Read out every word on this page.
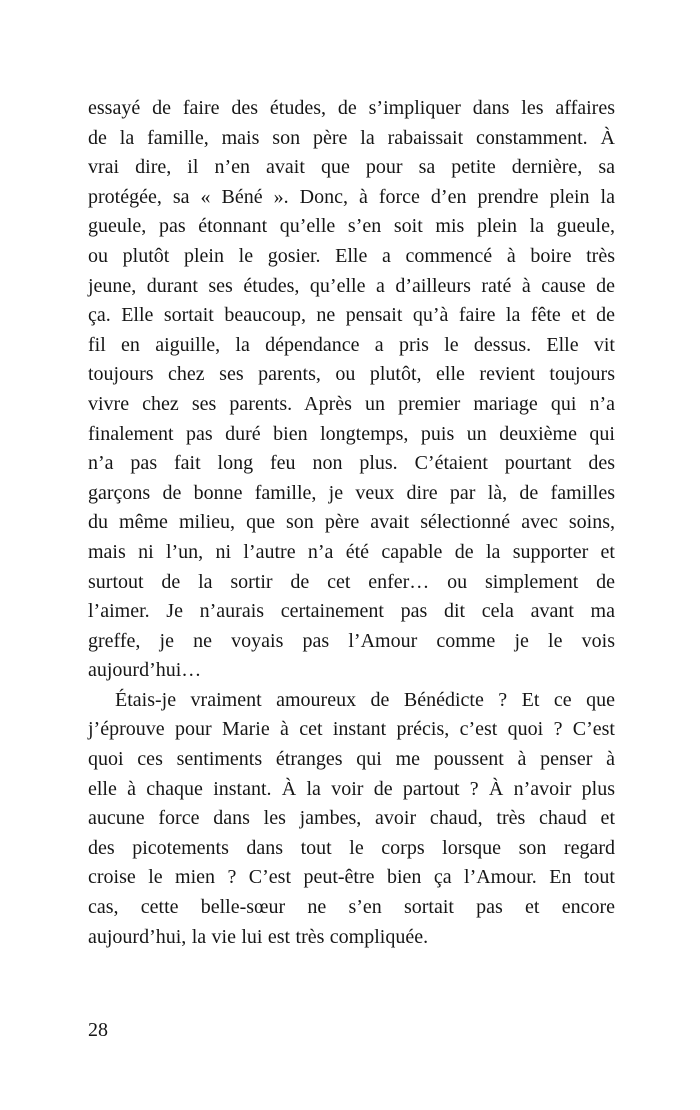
essayé de faire des études, de s’impliquer dans les affaires
de la famille, mais son père la rabaissait constamment. À
vrai dire, il n’en avait que pour sa petite dernière, sa
protégée, sa « Béné ». Donc, à force d’en prendre plein la
gueule, pas étonnant qu’elle s’en soit mis plein la gueule,
ou plutôt plein le gosier. Elle a commencé à boire très
jeune, durant ses études, qu’elle a d’ailleurs raté à cause de
ça. Elle sortait beaucoup, ne pensait qu’à faire la fête et de
fil en aiguille, la dépendance a pris le dessus. Elle vit
toujours chez ses parents, ou plutôt, elle revient toujours
vivre chez ses parents. Après un premier mariage qui n’a
finalement pas duré bien longtemps, puis un deuxième qui
n’a pas fait long feu non plus. C’étaient pourtant des
garçons de bonne famille, je veux dire par là, de familles
du même milieu, que son père avait sélectionné avec soins,
mais ni l’un, ni l’autre n’a été capable de la supporter et
surtout de la sortir de cet enfer… ou simplement de
l’aimer. Je n’aurais certainement pas dit cela avant ma
greffe, je ne voyais pas l’Amour comme je le vois
aujourd’hui…
Étais-je vraiment amoureux de Bénédicte ? Et ce que
j’éprouve pour Marie à cet instant précis, c’est quoi ? C’est
quoi ces sentiments étranges qui me poussent à penser à
elle à chaque instant. À la voir de partout ? À n’avoir plus
aucune force dans les jambes, avoir chaud, très chaud et
des picotements dans tout le corps lorsque son regard
croise le mien ? C’est peut-être bien ça l’Amour. En tout
cas, cette belle-sœur ne s’en sortait pas et encore
aujourd’hui, la vie lui est très compliquée.
28
